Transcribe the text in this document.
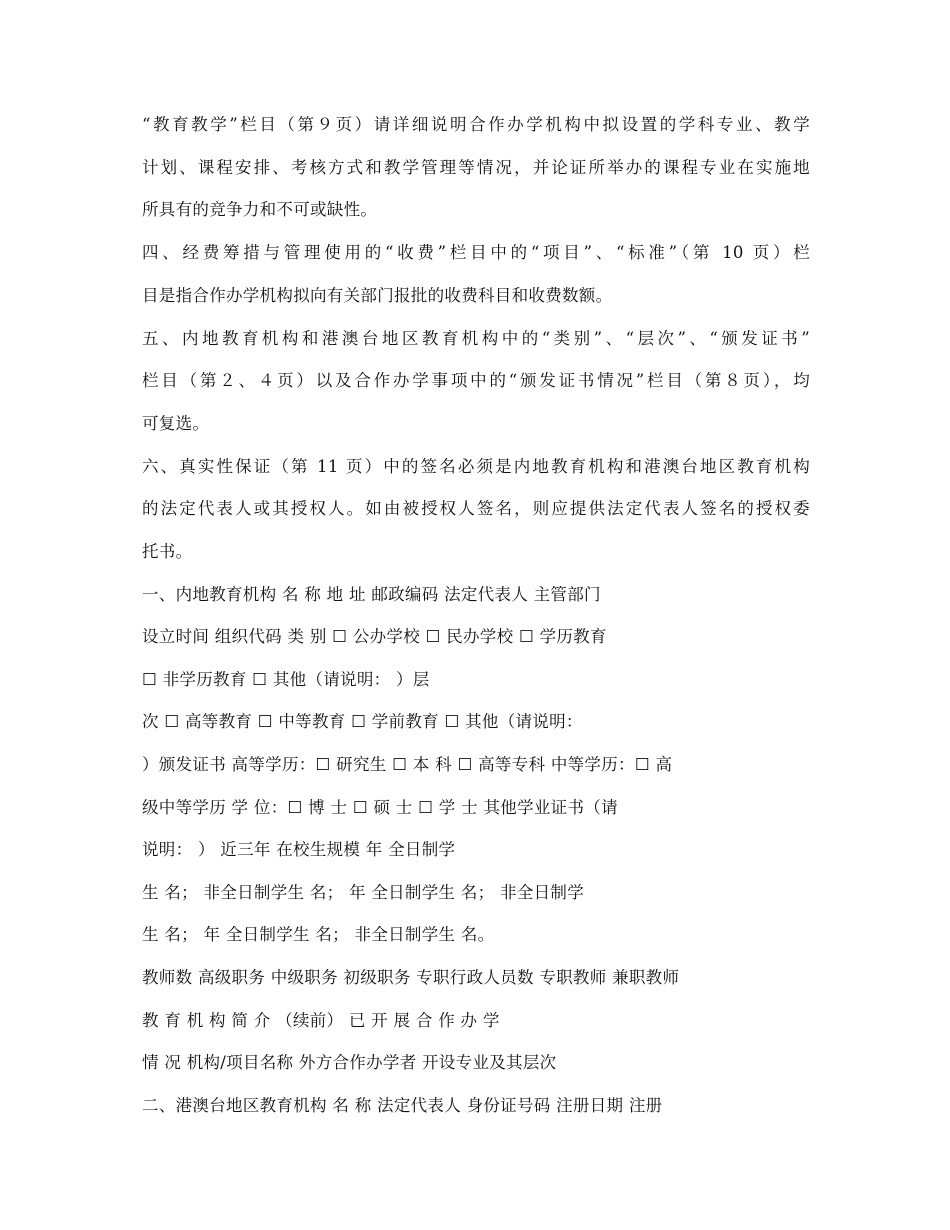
“教育教学”栏目（第９页）请详细说明合作办学机构中拟设置的学科专业、教学
计划、课程安排、考核方式和教学管理等情况，并论证所举办的课程专业在实施地
所具有的竞争力和不可或缺性。
四、经费筹措与管理使用的“收费”栏目中的“项目”、“标准”（第 10 页）栏
目是指合作办学机构拟向有关部门报批的收费科目和收费数额。
五、内地教育机构和港澳台地区教育机构中的“类别”、“层次”、“颁发证书”
栏目（第２、４页）以及合作办学事项中的“颁发证书情况”栏目（第８页），均
可复选。
六、真实性保证（第 11 页）中的签名必须是内地教育机构和港澳台地区教育机构
的法定代表人或其授权人。如由被授权人签名，则应提供法定代表人签名的授权委
托书。
一、内地教育机构 名 称 地 址 邮政编码 法定代表人 主管部门
设立时间 组织代码 类 别 ☐ 公办学校 ☐ 民办学校 ☐ 学历教育
☐ 非学历教育 ☐ 其他（请说明： ）层
次 ☐ 高等教育 ☐ 中等教育 ☐ 学前教育 ☐ 其他（请说明：
）颁发证书 高等学历：☐ 研究生 ☐ 本 科 ☐ 高等专科 中等学历：☐ 高
级中等学历 学 位：☐ 博 士 ☐ 硕 士 ☐ 学 士 其他学业证书（请
说明： ） 近三年 在校生规模 年 全日制学
生 名； 非全日制学生 名； 年 全日制学生 名； 非全日制学
生 名； 年 全日制学生 名； 非全日制学生 名。
教师数 高级职务 中级职务 初级职务 专职行政人员数 专职教师 兼职教师
教 育 机 构 简 介 （续前） 已 开 展 合 作 办 学
情 况 机构/项目名称 外方合作办学者 开设专业及其层次
二、港澳台地区教育机构 名 称 法定代表人 身份证号码 注册日期 注册
